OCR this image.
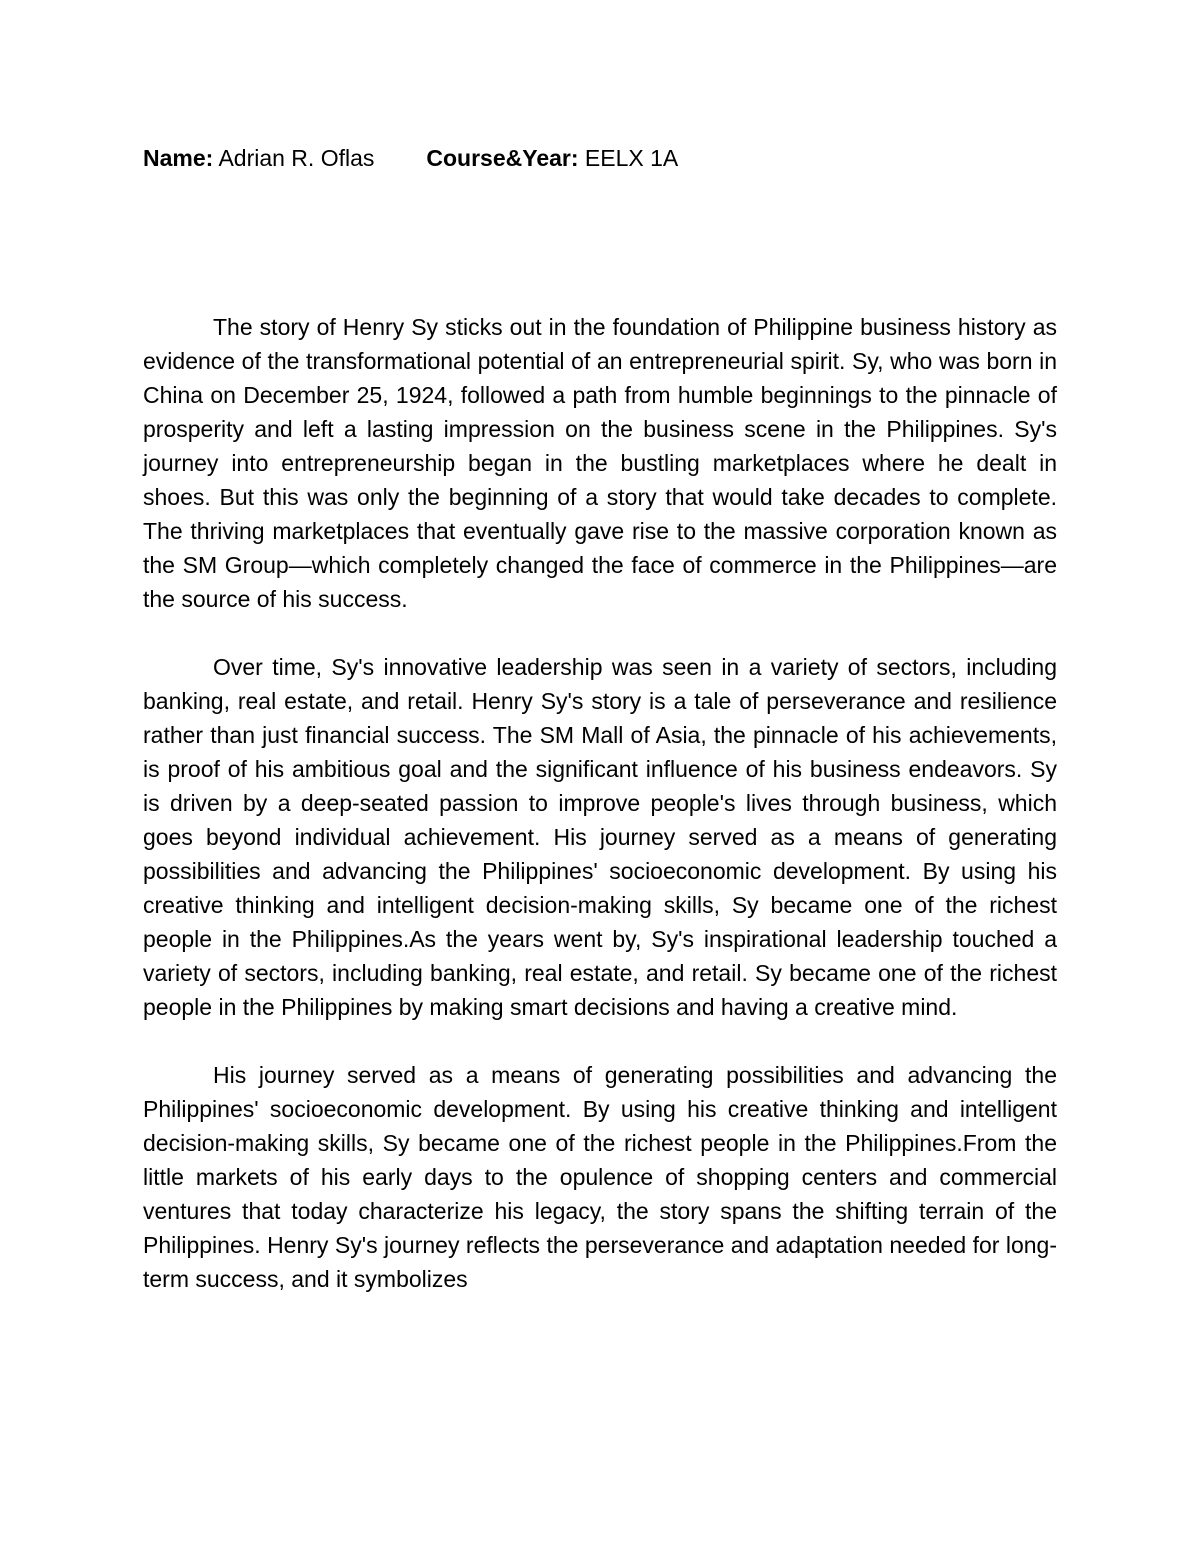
Name: Adrian R. Oflas Course&Year: EELX 1A

The story of Henry Sy sticks out in the foundation of Philippine business history as evidence of the transformational potential of an entrepreneurial spirit. Sy, who was born in China on December 25, 1924, followed a path from humble beginnings to the pinnacle of prosperity and left a lasting impression on the business scene in the Philippines. Sy's journey into entrepreneurship began in the bustling marketplaces where he dealt in shoes. But this was only the beginning of a story that would take decades to complete. The thriving marketplaces that eventually gave rise to the massive corporation known as the SM Group—which completely changed the face of commerce in the Philippines—are the source of his success.

Over time, Sy's innovative leadership was seen in a variety of sectors, including banking, real estate, and retail. Henry Sy's story is a tale of perseverance and resilience rather than just financial success. The SM Mall of Asia, the pinnacle of his achievements, is proof of his ambitious goal and the significant influence of his business endeavors. Sy is driven by a deep-seated passion to improve people's lives through business, which goes beyond individual achievement. His journey served as a means of generating possibilities and advancing the Philippines' socioeconomic development. By using his creative thinking and intelligent decision-making skills, Sy became one of the richest people in the Philippines.As the years went by, Sy's inspirational leadership touched a variety of sectors, including banking, real estate, and retail. Sy became one of the richest people in the Philippines by making smart decisions and having a creative mind.

His journey served as a means of generating possibilities and advancing the Philippines' socioeconomic development. By using his creative thinking and intelligent decision-making skills, Sy became one of the richest people in the Philippines.From the little markets of his early days to the opulence of shopping centers and commercial ventures that today characterize his legacy, the story spans the shifting terrain of the Philippines. Henry Sy's journey reflects the perseverance and adaptation needed for long-term success, and it symbolizes
